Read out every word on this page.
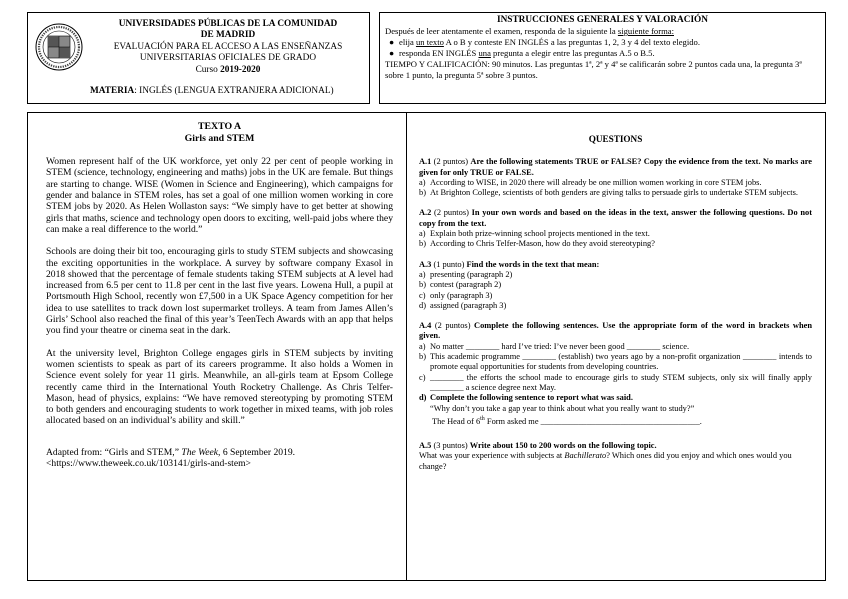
UNIVERSIDADES PÚBLICAS DE LA COMUNIDAD
DE MADRID
EVALUACIÓN PARA EL ACCESO A LAS ENSEÑANZAS
UNIVERSITARIAS OFICIALES DE GRADO
Curso 2019-2020
MATERIA: INGLÉS (LENGUA EXTRANJERA ADICIONAL)
INSTRUCCIONES GENERALES Y VALORACIÓN
Después de leer atentamente el examen, responda de la siguiente la siguiente forma:
● elija un texto A o B y conteste EN INGLÉS a las preguntas 1, 2, 3 y 4 del texto elegido.
● responda EN INGLÉS una pregunta a elegir entre las preguntas A.5 o B.5.
TIEMPO Y CALIFICACIÓN: 90 minutos. Las preguntas 1ª, 2ª y 4ª se calificarán sobre 2 puntos cada una, la pregunta 3ª sobre 1 punto, la pregunta 5ª sobre 3 puntos.
TEXTO A
Girls and STEM

Women represent half of the UK workforce, yet only 22 per cent of people working in STEM (science, technology, engineering and maths) jobs in the UK are female. But things are starting to change. WISE (Women in Science and Engineering), which campaigns for gender and balance in STEM roles, has set a goal of one million women working in core STEM jobs by 2020. As Helen Wollaston says: “We simply have to get better at showing girls that maths, science and technology open doors to exciting, well-paid jobs where they can make a real difference to the world.”

Schools are doing their bit too, encouraging girls to study STEM subjects and showcasing the exciting opportunities in the workplace. A survey by software company Exasol in 2018 showed that the percentage of female students taking STEM subjects at A level had increased from 6.5 per cent to 11.8 per cent in the last five years. Lowena Hull, a pupil at Portsmouth High School, recently won £7,500 in a UK Space Agency competition for her idea to use satellites to track down lost supermarket trolleys. A team from James Allen’s Girls’ School also reached the final of this year’s TeenTech Awards with an app that helps you find your theatre or cinema seat in the dark.

At the university level, Brighton College engages girls in STEM subjects by inviting women scientists to speak as part of its careers programme. It also holds a Women in Science event solely for year 11 girls. Meanwhile, an all-girls team at Epsom College recently came third in the International Youth Rocketry Challenge. As Chris Telfer-Mason, head of physics, explains: “We have removed stereotyping by promoting STEM to both genders and encouraging students to work together in mixed teams, with job roles allocated based on an individual’s ability and skill.”

Adapted from: “Girls and STEM,” The Week, 6 September 2019.
<https://www.theweek.co.uk/103141/girls-and-stem>
QUESTIONS
A.1 (2 puntos) Are the following statements TRUE or FALSE? Copy the evidence from the text. No marks are given for only TRUE or FALSE.
a) According to WISE, in 2020 there will already be one million women working in core STEM jobs.
b) At Brighton College, scientists of both genders are giving talks to persuade girls to undertake STEM subjects.
A.2 (2 puntos) In your own words and based on the ideas in the text, answer the following questions. Do not copy from the text.
a) Explain both prize-winning school projects mentioned in the text.
b) According to Chris Telfer-Mason, how do they avoid stereotyping?
A.3 (1 punto) Find the words in the text that mean:
a) presenting (paragraph 2)
b) contest (paragraph 2)
c) only (paragraph 3)
d) assigned (paragraph 3)
A.4 (2 puntos) Complete the following sentences. Use the appropriate form of the word in brackets when given.
a) No matter ________ hard I’ve tried: I’ve never been good ________ science.
b) This academic programme ________ (establish) two years ago by a non-profit organization ________ intends to promote equal opportunities for students from developing countries.
c) ________ the efforts the school made to encourage girls to study STEM subjects, only six will finally apply ________ a science degree next May.
d) Complete the following sentence to report what was said.
“Why don’t you take a gap year to think about what you really want to study?”
The Head of 6th Form asked me ______________________________________.
A.5 (3 puntos) Write about 150 to 200 words on the following topic.
What was your experience with subjects at Bachillerato? Which ones did you enjoy and which ones would you change?
